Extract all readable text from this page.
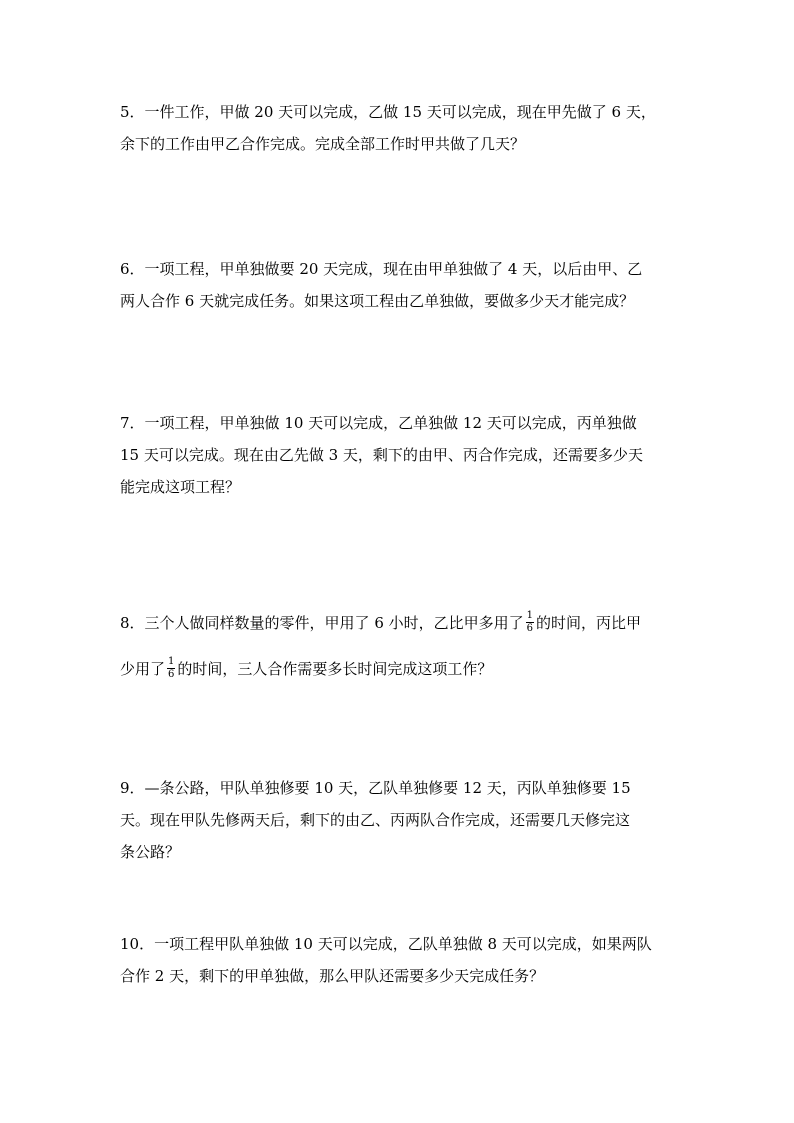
5．一件工作，甲做 20 天可以完成，乙做 15 天可以完成，现在甲先做了 6 天，
余下的工作由甲乙合作完成。完成全部工作时甲共做了几天？
6．一项工程，甲单独做要 20 天完成，现在由甲单独做了 4 天，以后由甲、乙
两人合作 6 天就完成任务。如果这项工程由乙单独做，要做多少天才能完成？
7．一项工程，甲单独做 10 天可以完成，乙单独做 12 天可以完成，丙单独做
15 天可以完成。现在由乙先做 3 天，剩下的由甲、丙合作完成，还需要多少天
能完成这项工程？
8．三个人做同样数量的零件，甲用了 6 小时，乙比甲多用了 $\frac{1}{6}$ 的时间，丙比甲
少用了 $\frac{1}{6}$ 的时间，三人合作需要多长时间完成这项工作？
9．—条公路，甲队单独修要 10 天，乙队单独修要 12 天，丙队单独修要 15
天。现在甲队先修两天后，剩下的由乙、丙两队合作完成，还需要几天修完这
条公路？
10．一项工程甲队单独做 10 天可以完成，乙队单独做 8 天可以完成，如果两队
合作 2 天，剩下的甲单独做，那么甲队还需要多少天完成任务？
